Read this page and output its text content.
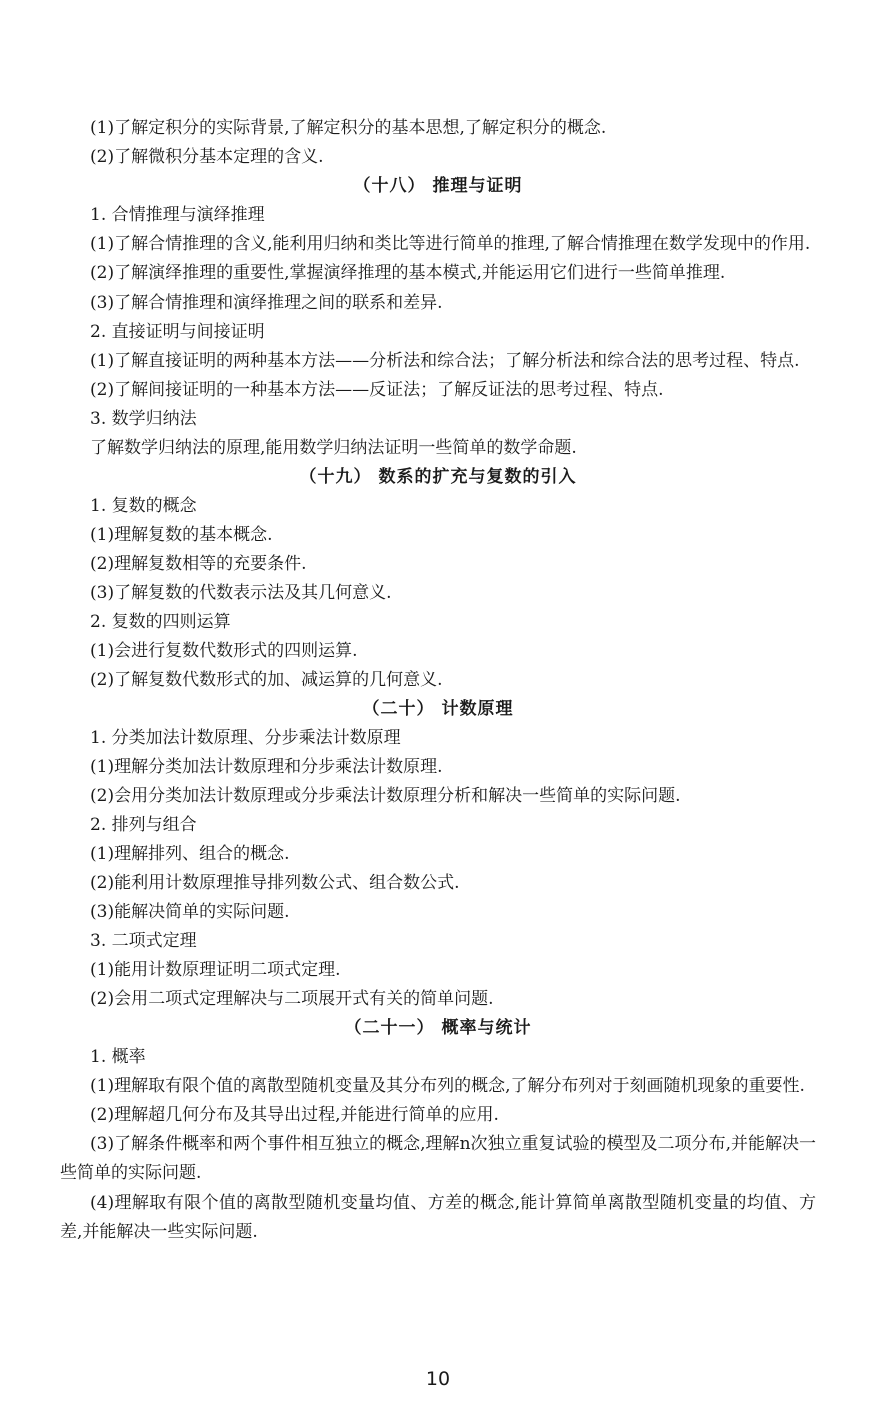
(1)了解定积分的实际背景,了解定积分的基本思想,了解定积分的概念.
(2)了解微积分基本定理的含义.
（十八） 推理与证明
1. 合情推理与演绎推理

(1)了解合情推理的含义,能利用归纳和类比等进行简单的推理,了解合情推理在数学发现中的作用.

(2)了解演绎推理的重要性,掌握演绎推理的基本模式,并能运用它们进行一些简单推理.

(3)了解合情推理和演绎推理之间的联系和差异.
2. 直接证明与间接证明

(1)了解直接证明的两种基本方法——分析法和综合法；了解分析法和综合法的思考过程、特点.

(2)了解间接证明的一种基本方法——反证法；了解反证法的思考过程、特点.
3. 数学归纳法
了解数学归纳法的原理,能用数学归纳法证明一些简单的数学命题.
（十九） 数系的扩充与复数的引入
1. 复数的概念
(1)理解复数的基本概念.
(2)理解复数相等的充要条件.
(3)了解复数的代数表示法及其几何意义.
2. 复数的四则运算
(1)会进行复数代数形式的四则运算.
(2)了解复数代数形式的加、减运算的几何意义.
（二十） 计数原理
1. 分类加法计数原理、分步乘法计数原理
(1)理解分类加法计数原理和分步乘法计数原理.
(2)会用分类加法计数原理或分步乘法计数原理分析和解决一些简单的实际问题.
2. 排列与组合
(1)理解排列、组合的概念.
(2)能利用计数原理推导排列数公式、组合数公式.
(3)能解决简单的实际问题.
3. 二项式定理
(1)能用计数原理证明二项式定理.
(2)会用二项式定理解决与二项展开式有关的简单问题.
（二十一） 概率与统计
1. 概率

(1)理解取有限个值的离散型随机变量及其分布列的概念,了解分布列对于刻画随机现象的重要性.

(2)理解超几何分布及其导出过程,并能进行简单的应用.

(3)了解条件概率和两个事件相互独立的概念,理解n次独立重复试验的模型及二项分布,并能解决一些简单的实际问题.

(4)理解取有限个值的离散型随机变量均值、方差的概念,能计算简单离散型随机变量的均值、方差,并能解决一些实际问题.

10
